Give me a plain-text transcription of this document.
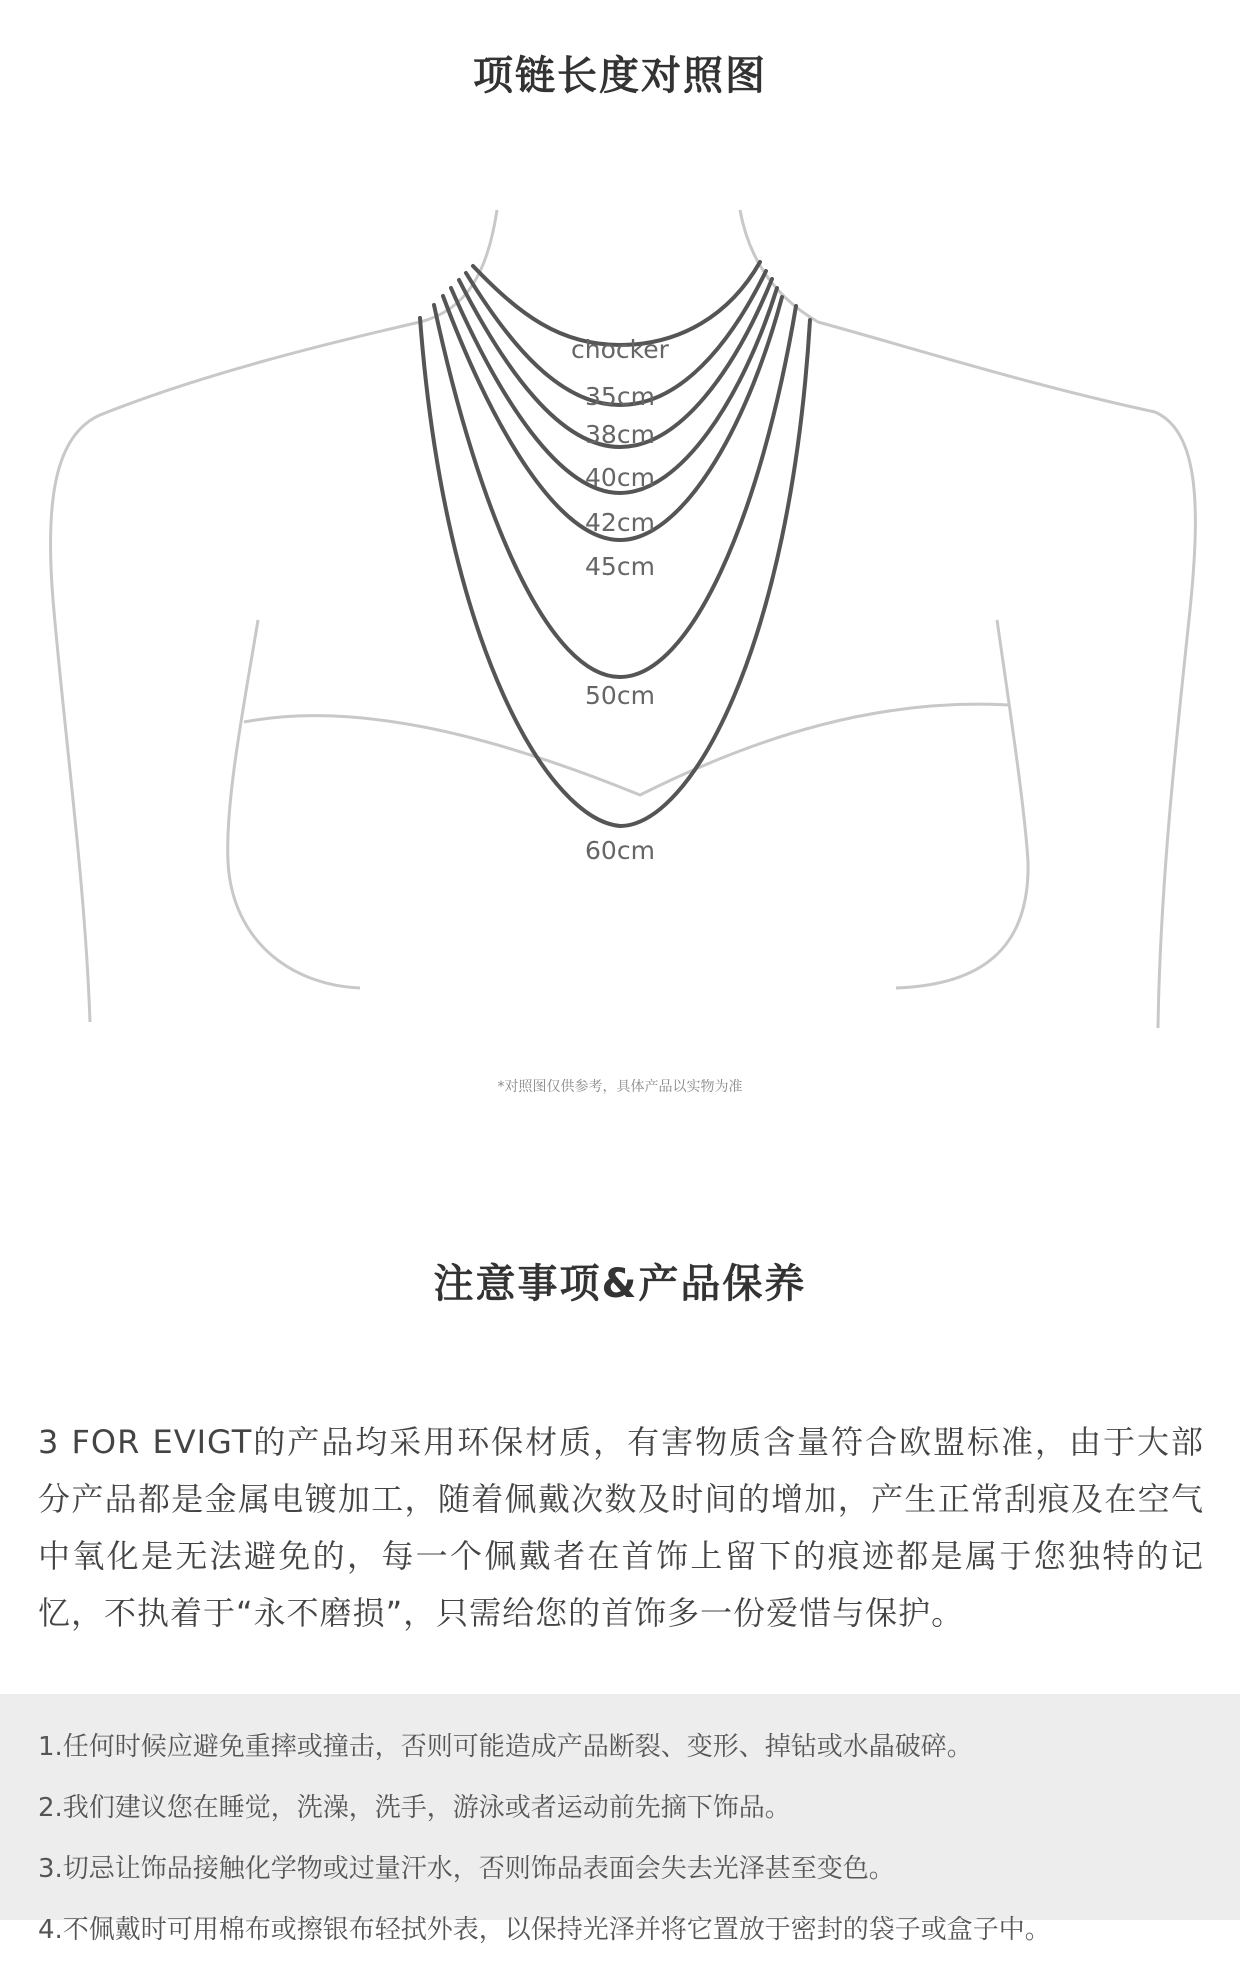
项链长度对照图
chocker
35cm
38cm
40cm
42cm
45cm
50cm
60cm
*对照图仅供参考，具体产品以实物为准
注意事项&产品保养

3 FOR EVIGT的产品均采用环保材质，有害物质含量符合欧盟标准，由于大部分产品都是金属电镀加工，随着佩戴次数及时间的增加，产生正常刮痕及在空气中氧化是无法避免的，每一个佩戴者在首饰上留下的痕迹都是属于您独特的记忆，不执着于“永不磨损”，只需给您的首饰多一份爱惜与保护。

1.任何时候应避免重摔或撞击，否则可能造成产品断裂、变形、掉钻或水晶破碎。
2.我们建议您在睡觉，洗澡，洗手，游泳或者运动前先摘下饰品。
3.切忌让饰品接触化学物或过量汗水，否则饰品表面会失去光泽甚至变色。
4.不佩戴时可用棉布或擦银布轻拭外表，以保持光泽并将它置放于密封的袋子或盒子中。
